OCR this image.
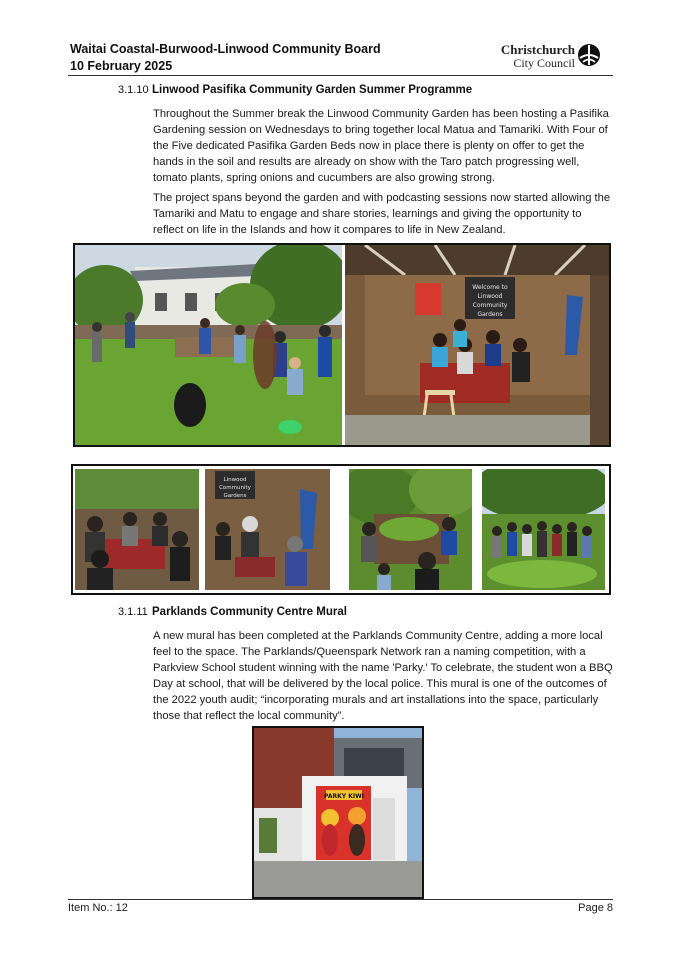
Waitai Coastal-Burwood-Linwood Community Board
10 February 2025
Christchurch
City Council
3.1.10 Linwood Pasifika Community Garden Summer Programme
Throughout the Summer break the Linwood Community Garden has been hosting a Pasifika Gardening session on Wednesdays to bring together local Matua and Tamariki. With Four of the Five dedicated Pasifika Garden Beds now in place there is plenty on offer to get the hands in the soil and results are already on show with the Taro patch progressing well, tomato plants, spring onions and cucumbers are also growing strong.
The project spans beyond the garden and with podcasting sessions now started allowing the Tamariki and Matu to engage and share stories, learnings and giving the opportunity to reflect on life in the Islands and how it compares to life in New Zealand.
Welcome to
Linwood
Community
Gardens
Linwood
Community
Gardens
3.1.11 Parklands Community Centre Mural
A new mural has been completed at the Parklands Community Centre, adding a more local feel to the space. The Parklands/Queenspark Network ran a naming competition, with a Parkview School student winning with the name 'Parky.' To celebrate, the student won a BBQ Day at school, that will be delivered by the local police. This mural is one of the outcomes of the 2022 youth audit; “incorporating murals and art installations into the space, particularly those that reflect the local community”.
PARKY KIWI
Item No.: 12	Page 8
